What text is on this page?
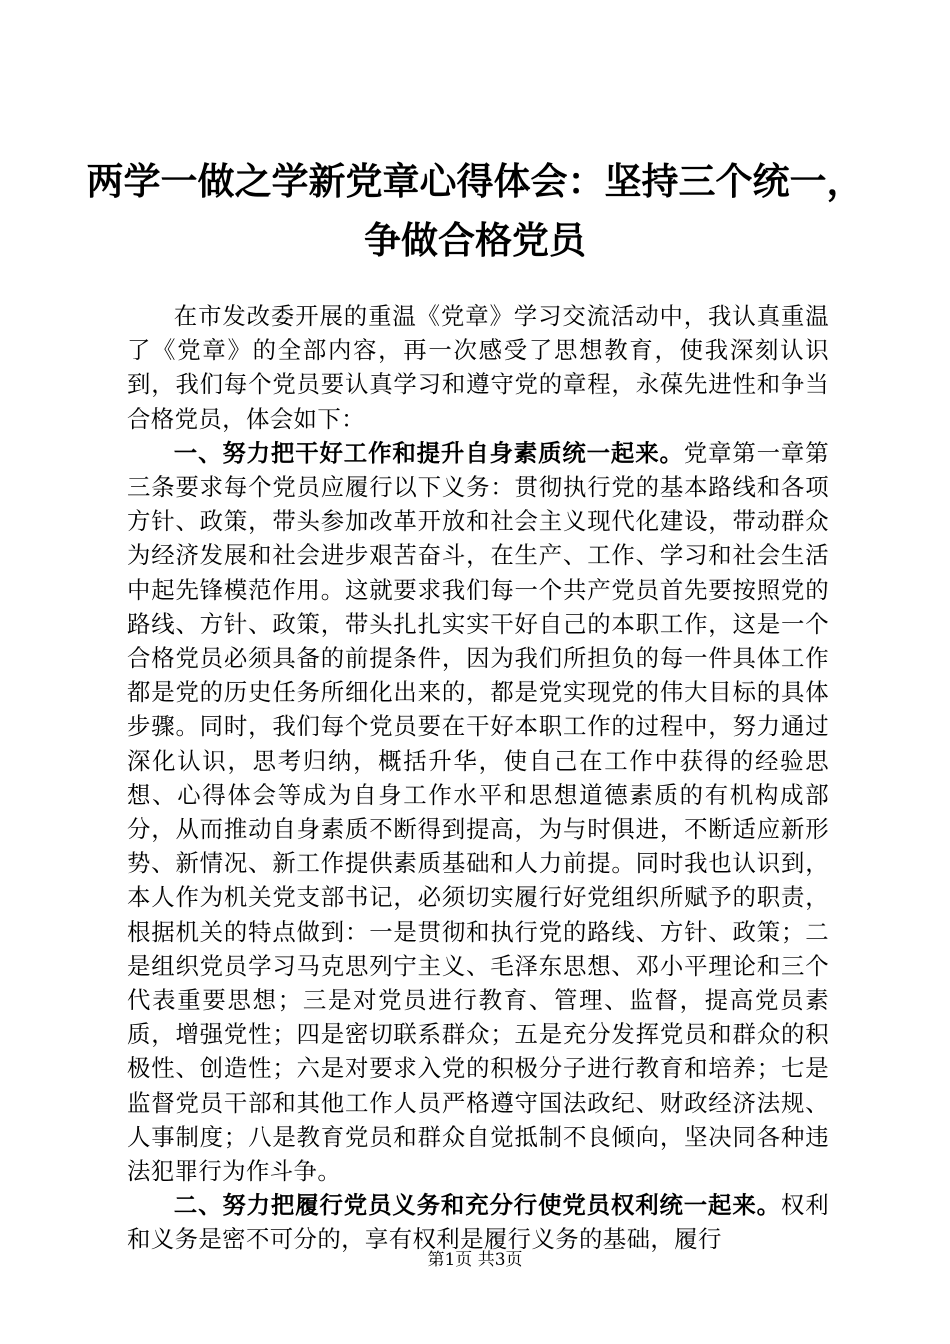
两学一做之学新党章心得体会：坚持三个统一，
争做合格党员

在市发改委开展的重温《党章》学习交流活动中，我认真重温了《党章》的全部内容，再一次感受了思想教育，使我深刻认识到，我们每个党员要认真学习和遵守党的章程，永葆先进性和争当合格党员，体会如下：

一、努力把干好工作和提升自身素质统一起来。党章第一章第三条要求每个党员应履行以下义务：贯彻执行党的基本路线和各项方针、政策，带头参加改革开放和社会主义现代化建设，带动群众为经济发展和社会进步艰苦奋斗，在生产、工作、学习和社会生活中起先锋模范作用。这就要求我们每一个共产党员首先要按照党的路线、方针、政策，带头扎扎实实干好自己的本职工作，这是一个合格党员必须具备的前提条件，因为我们所担负的每一件具体工作都是党的历史任务所细化出来的，都是党实现党的伟大目标的具体步骤。同时，我们每个党员要在干好本职工作的过程中，努力通过深化认识，思考归纳，概括升华，使自己在工作中获得的经验思想、心得体会等成为自身工作水平和思想道德素质的有机构成部分，从而推动自身素质不断得到提高，为与时俱进，不断适应新形势、新情况、新工作提供素质基础和人力前提。同时我也认识到，本人作为机关党支部书记，必须切实履行好党组织所赋予的职责，根据机关的特点做到：一是贯彻和执行党的路线、方针、政策；二是组织党员学习马克思列宁主义、毛泽东思想、邓小平理论和三个代表重要思想；三是对党员进行教育、管理、监督，提高党员素质，增强党性；四是密切联系群众；五是充分发挥党员和群众的积极性、创造性；六是对要求入党的积极分子进行教育和培养；七是监督党员干部和其他工作人员严格遵守国法政纪、财政经济法规、人事制度；八是教育党员和群众自觉抵制不良倾向，坚决同各种违法犯罪行为作斗争。

二、努力把履行党员义务和充分行使党员权利统一起来。权利和义务是密不可分的，享有权利是履行义务的基础，履行

第1页 共3页
